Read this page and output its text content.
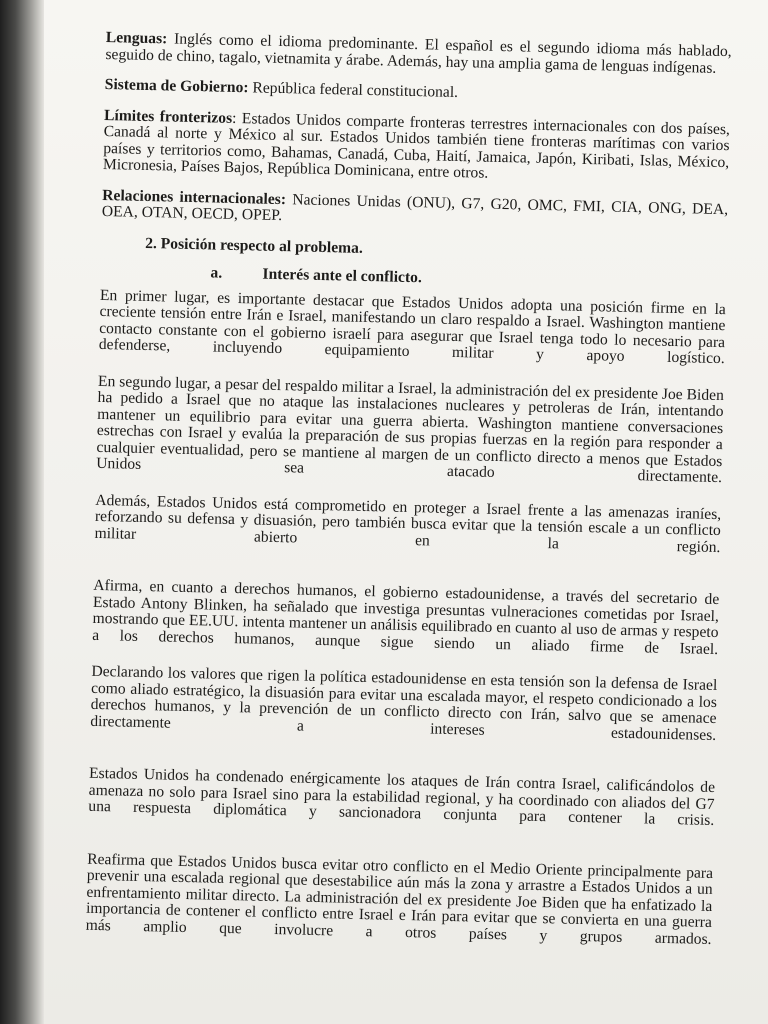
Lenguas: Inglés como el idioma predominante. El español es el segundo idioma más hablado, seguido de chino, tagalo, vietnamita y árabe. Además, hay una amplia gama de lenguas indígenas.

Sistema de Gobierno: República federal constitucional.

Límites fronterizos: Estados Unidos comparte fronteras terrestres internacionales con dos países, Canadá al norte y México al sur. Estados Unidos también tiene fronteras marítimas con varios países y territorios como, Bahamas, Canadá, Cuba, Haití, Jamaica, Japón, Kiribati, Islas, México, Micronesia, Países Bajos, República Dominicana, entre otros.

Relaciones internacionales: Naciones Unidas (ONU), G7, G20, OMC, FMI, CIA, ONG, DEA, OEA, OTAN, OECD, OPEP.

2. Posición respecto al problema.
a.	Interés ante el conflicto.

En primer lugar, es importante destacar que Estados Unidos adopta una posición firme en la creciente tensión entre Irán e Israel, manifestando un claro respaldo a Israel. Washington mantiene contacto constante con el gobierno israelí para asegurar que Israel tenga todo lo necesario para defenderse, incluyendo equipamiento militar y apoyo logístico.

En segundo lugar, a pesar del respaldo militar a Israel, la administración del ex presidente Joe Biden ha pedido a Israel que no ataque las instalaciones nucleares y petroleras de Irán, intentando mantener un equilibrio para evitar una guerra abierta. Washington mantiene conversaciones estrechas con Israel y evalúa la preparación de sus propias fuerzas en la región para responder a cualquier eventualidad, pero se mantiene al margen de un conflicto directo a menos que Estados Unidos sea atacado directamente.

Además, Estados Unidos está comprometido en proteger a Israel frente a las amenazas iraníes, reforzando su defensa y disuasión, pero también busca evitar que la tensión escale a un conflicto militar abierto en la región.

Afirma, en cuanto a derechos humanos, el gobierno estadounidense, a través del secretario de Estado Antony Blinken, ha señalado que investiga presuntas vulneraciones cometidas por Israel, mostrando que EE.UU. intenta mantener un análisis equilibrado en cuanto al uso de armas y respeto a los derechos humanos, aunque sigue siendo un aliado firme de Israel.

Declarando los valores que rigen la política estadounidense en esta tensión son la defensa de Israel como aliado estratégico, la disuasión para evitar una escalada mayor, el respeto condicionado a los derechos humanos, y la prevención de un conflicto directo con Irán, salvo que se amenace directamente a intereses estadounidenses.

Estados Unidos ha condenado enérgicamente los ataques de Irán contra Israel, calificándolos de amenaza no solo para Israel sino para la estabilidad regional, y ha coordinado con aliados del G7 una respuesta diplomática y sancionadora conjunta para contener la crisis.

Reafirma que Estados Unidos busca evitar otro conflicto en el Medio Oriente principalmente para prevenir una escalada regional que desestabilice aún más la zona y arrastre a Estados Unidos a un enfrentamiento militar directo. La administración del ex presidente Joe Biden que ha enfatizado la importancia de contener el conflicto entre Israel e Irán para evitar que se convierta en una guerra más amplio que involucre a otros países y grupos armados.
